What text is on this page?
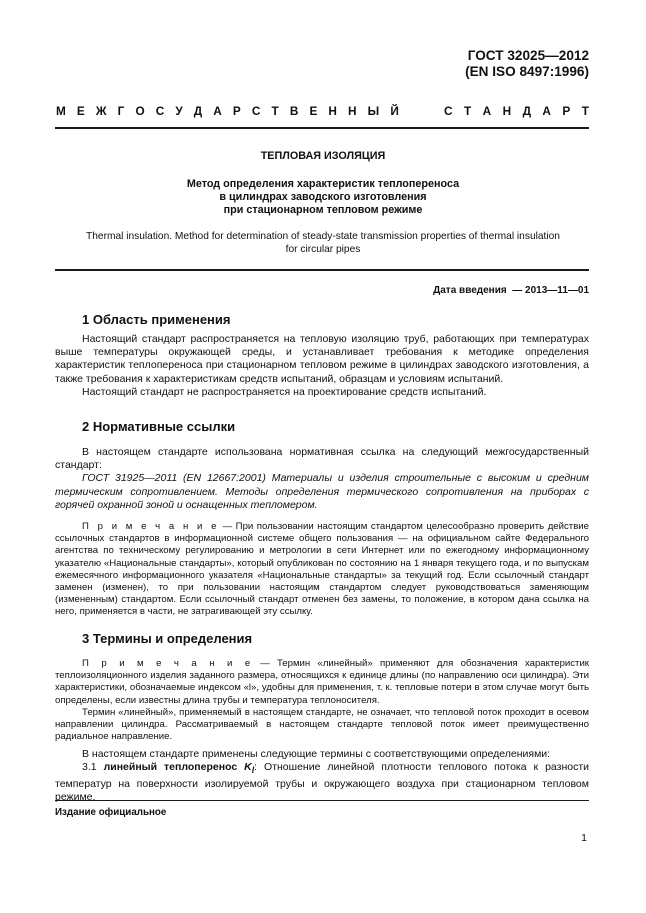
ГОСТ 32025—2012
(EN ISO 8497:1996)
М Е Ж Г О С У Д А Р С Т В Е Н Н Ы Й	С Т А Н Д А Р Т
ТЕПЛОВАЯ ИЗОЛЯЦИЯ
Метод определения характеристик теплопереноса
в цилиндрах заводского изготовления
при стационарном тепловом режиме
Thermal insulation. Method for determination of steady-state transmission properties of thermal insulation for circular pipes
Дата введения — 2013—11—01
1 Область применения

Настоящий стандарт распространяется на тепловую изоляцию труб, работающих при температурах выше температуры окружающей среды, и устанавливает требования к методике определения характеристик теплопереноса при стационарном тепловом режиме в цилиндрах заводского изготовления, а также требования к характеристикам средств испытаний, образцам и условиям испытаний.

Настоящий стандарт не распространяется на проектирование средств испытаний.

2 Нормативные ссылки

В настоящем стандарте использована нормативная ссылка на следующий межгосударственный стандарт:

ГОСТ 31925—2011 (EN 12667:2001) Материалы и изделия строительные с высоким и средним термическим сопротивлением. Методы определения термического сопротивления на приборах с горячей охранной зоной и оснащенных тепломером.

П р и м е ч а н и е — При пользовании настоящим стандартом целесообразно проверить действие ссылочных стандартов в информационной системе общего пользования — на официальном сайте Федерального агентства по техническому регулированию и метрологии в сети Интернет или по ежегодному информационному указателю «Национальные стандарты», который опубликован по состоянию на 1 января текущего года, и по выпускам ежемесячного информационного указателя «Национальные стандарты» за текущий год. Если ссылочный стандарт заменен (изменен), то при пользовании настоящим стандартом следует руководствоваться заменяющим (измененным) стандартом. Если ссылочный стандарт отменен без замены, то положение, в котором дана ссылка на него, применяется в части, не затрагивающей эту ссылку.

3 Термины и определения

П р и м е ч а н и е — Термин «линейный» применяют для обозначения характеристик теплоизоляционного изделия заданного размера, относящихся к единице длины (по направлению оси цилиндра). Эти характеристики, обозначаемые индексом «l», удобны для применения, т. к. тепловые потери в этом случае могут быть определены, если известны длина трубы и температура теплоносителя.

Термин «линейный», применяемый в настоящем стандарте, не означает, что тепловой поток проходит в осевом направлении цилиндра. Рассматриваемый в настоящем стандарте тепловой поток имеет преимущественно радиальное направление.

В настоящем стандарте применены следующие термины с соответствующими определениями:

3.1 линейный теплоперенос $K_l$: Отношение линейной плотности теплового потока к разности температур на поверхности изолируемой трубы и окружающего воздуха при стационарном тепловом режиме.

Издание официальное
1
